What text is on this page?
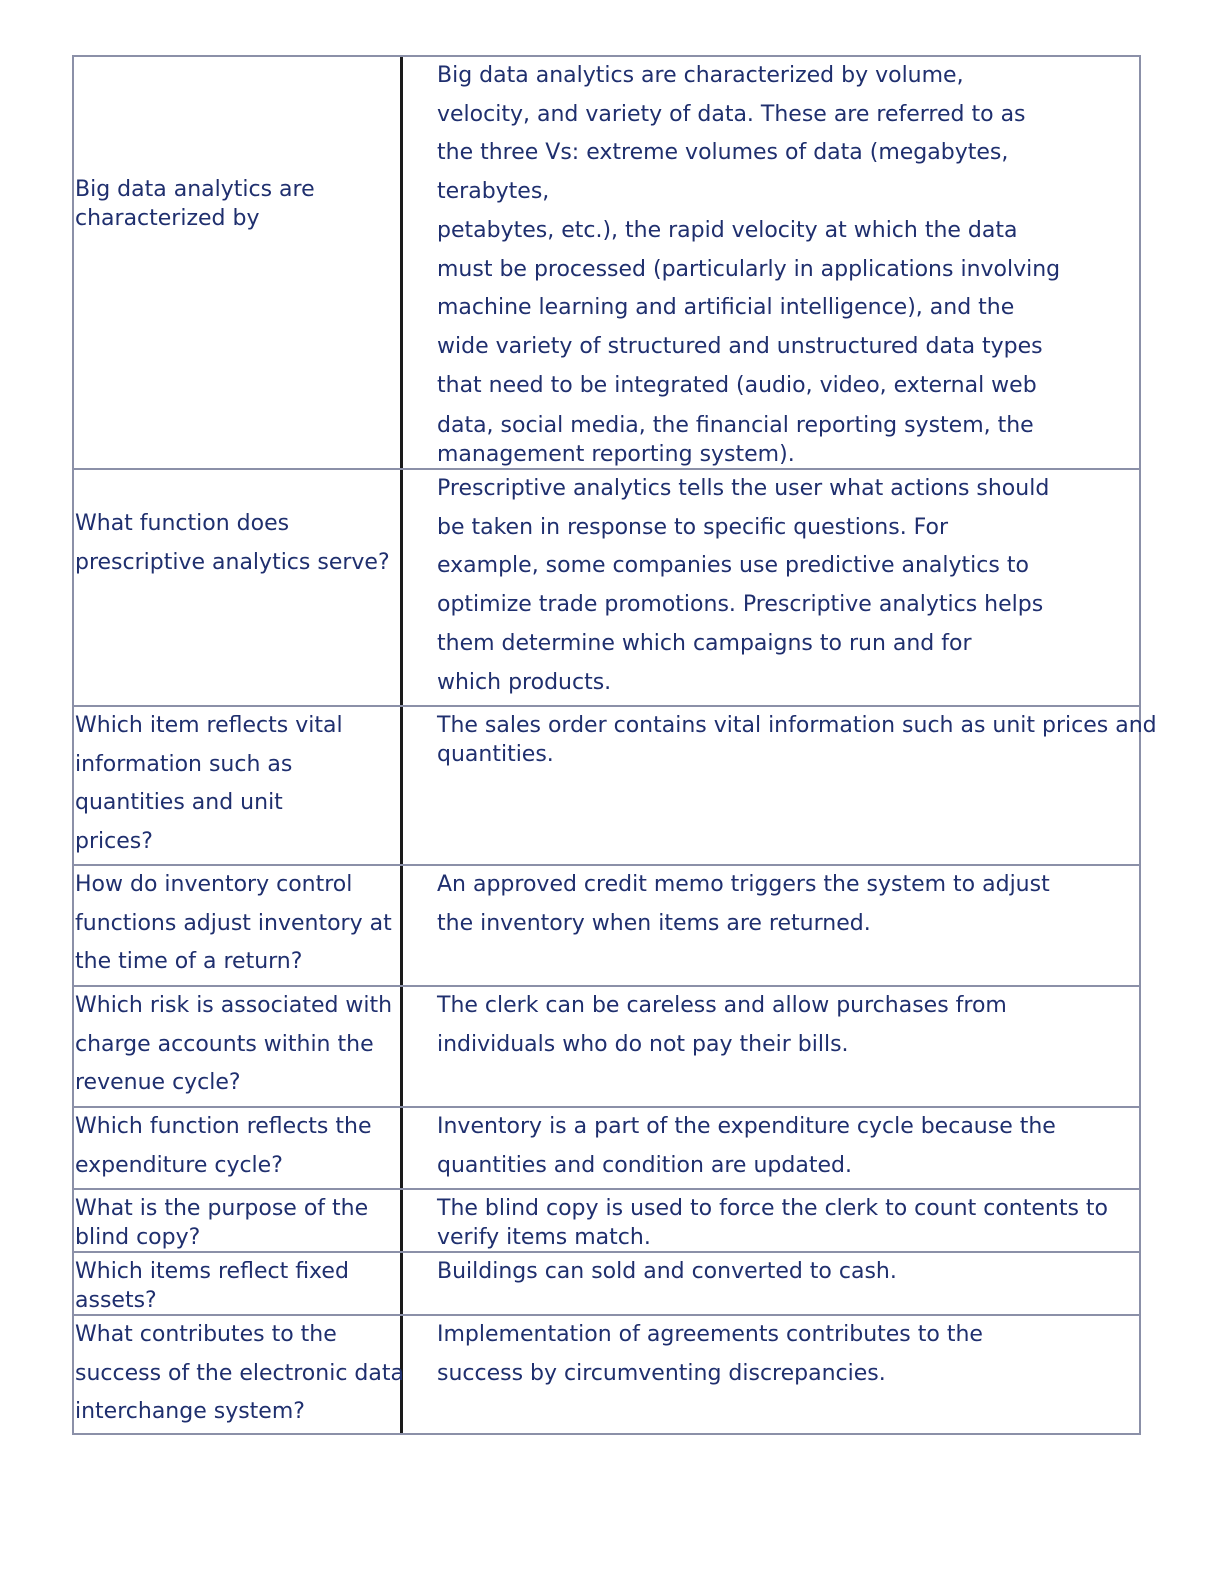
Big data analytics are
characterized by
Big data analytics are characterized by volume,
velocity, and variety of data. These are referred to as
the three Vs: extreme volumes of data (megabytes,
terabytes,
petabytes, etc.), the rapid velocity at which the data
must be processed (particularly in applications involving
machine learning and artificial intelligence), and the
wide variety of structured and unstructured data types
that need to be integrated (audio, video, external web
data, social media, the financial reporting system, the
management reporting system).
What function does
prescriptive analytics serve?
Prescriptive analytics tells the user what actions should
be taken in response to specific questions. For
example, some companies use predictive analytics to
optimize trade promotions. Prescriptive analytics helps
them determine which campaigns to run and for
which products.
Which item reflects vital
information such as
quantities and unit
prices?
The sales order contains vital information such as unit prices and
quantities.
How do inventory control
functions adjust inventory at
the time of a return?
An approved credit memo triggers the system to adjust
the inventory when items are returned.
Which risk is associated with
charge accounts within the
revenue cycle?
The clerk can be careless and allow purchases from
individuals who do not pay their bills.
Which function reflects the
expenditure cycle?
Inventory is a part of the expenditure cycle because the
quantities and condition are updated.
What is the purpose of the
blind copy?
The blind copy is used to force the clerk to count contents to
verify items match.
Which items reflect fixed
assets?
Buildings can sold and converted to cash.
What contributes to the
success of the electronic data
interchange system?
Implementation of agreements contributes to the
success by circumventing discrepancies.
